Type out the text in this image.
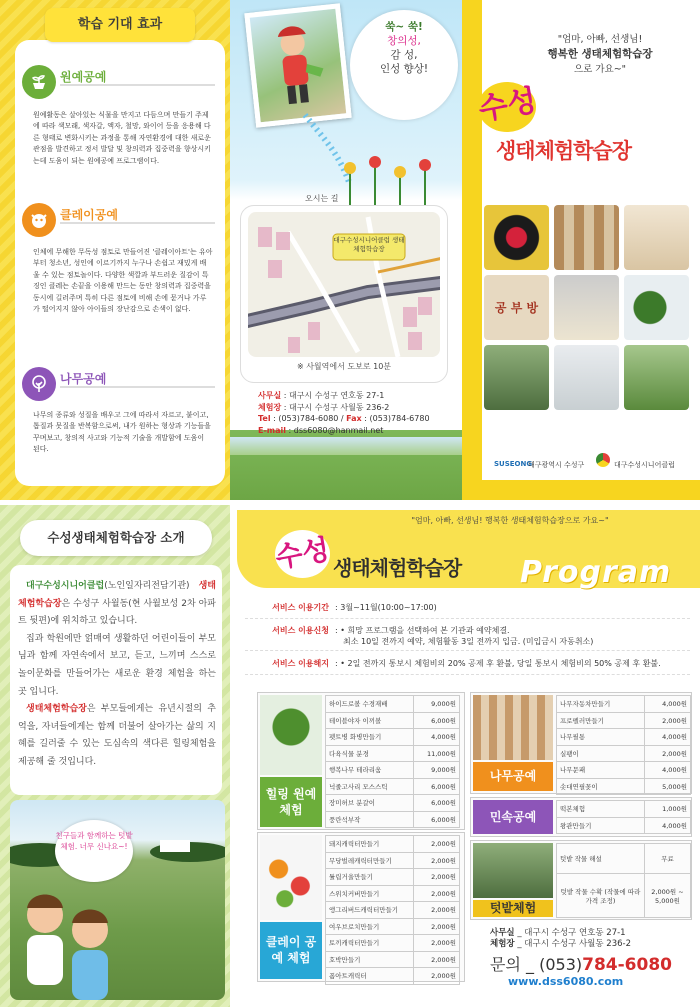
학습 기대 효과
원예공예
원예활동은 살아있는 식물을 만지고 다듬으며 만들기 주제에 따라 색모래, 색자갈, 액자, 철망, 와이어 등을 응용해 다른 형태로 변화시키는 과정을 통해 자연환경에 대한 새로운 관점을 발견하고 정서 발달 및 창의력과 집중력을 향상시키는데 도움이 되는 원예공예 프로그램이다.
클레이공예
인체에 무해한 무독성 점토로 만들어진 '클레이아트'는 유아부터 청소년, 성인에 이르기까지 누구나 손쉽고 재밌게 배울 수 있는 점토놀이다. 다양한 색깔과 부드러운 질감이 특징인 클레는 손끝을 이용해 만드는 동안 창의력과 집중력을 동시에 길러주며 특히 다른 점토에 비해 손에 묻거나 가루가 떨어지지 않아 아이들의 장난감으로 손색이 없다.
나무공예
나무의 종류와 성질을 배우고 그에 따라서 자르고, 붙이고, 톱질과 못질을 반복함으로써, 내가 원하는 형상과 기능들을 꾸며보고, 창의적 사고와 기능적 기술을 개발함에 도움이 된다.
쑥~ 쑥!
창의성,
감 성,
인성 향상!
오시는 길
대구수성시니어클럽 생태체험학습장
※ 사월역에서 도보로 10분
사무실 : 대구시 수성구 연호동 27-1
체험장 : 대구시 수성구 사월동 236-2
Tel : (053)784-6080 / Fax : (053)784-6780
E-mail : dss6080@hanmail.net
"엄마, 아빠, 선생님!
행복한 생태체험학습장
으로 가요~"
수성
생태체험학습장
공 부 방
SUSEONG
대구광역시 수성구	대구수성시니어클럽
수성생태체험학습장 소개

대구수성시니어클럽(노인일자리전담기관) 생태체험학습장은 수성구 사월동(현 사월보성 2차 아파트 뒷편)에 위치하고 있습니다.

집과 학원에만 얽매여 생활하던 어린이들이 부모님과 함께 자연속에서 보고, 듣고, 느끼며 스스로 놀이문화를 만들어가는 새로운 환경 체험을 하는 곳 입니다.

생태체험학습장은 부모들에게는 유년시절의 추억을, 자녀들에게는 함께 더불어 살아가는 삶의 지혜를 길러줄 수 있는 도심속의 색다른 힐링체험을 제공해 줄 것입니다.

친구들과 함께하는 텃밭체험. 너무 신나요~!
"엄마, 아빠, 선생님! 행복한 생태체험학습장으로 가요~"
수성 생태체험학습장 Program
서비스 이용기간 : 3월~11월(10:00~17:00)
서비스 이용신청 : • 희망 프로그램을 선택하여 본 기관과 예약체결.
최소 10일 전까지 예약, 체험활동 3일 전까지 입금. (미입금시 자동취소)
서비스 이용해지 : • 2일 전까지 통보시 체험비의 20% 공제 후 환불, 당일 통보시 체험비의 50% 공제 후 환불.
힐링 원예 체험
하이드로볼 수경재배	9,000원
테이블야자 이끼볼	6,000원
펫트병 화병만들기	4,000원
다육식물 분경	11,000원
행복나무 테라리움	9,000원
넉줄고사리 모스스틱	6,000원
장미허브 분갈이	6,000원
풍란석부작	6,000원
클레이 공예 체험
돼지캐릭터만들기	2,000원
무당벌레캐릭터만들기	2,000원
튤립거울만들기	2,000원
스위치커버만들기	2,000원
앵그리버드캐릭터만들기	2,000원
여우브로치만들기	2,000원
토끼캐릭터만들기	2,000원
호박만들기	2,000원
폼아트캐릭터	2,000원
나무공예
나무자동차만들기	4,000원
프로펠러만들기	2,000원
나무필통	4,000원
실팽이	2,000원
나무문패	4,000원
솟대연필꽂이	5,000원
민속공예
떡본체험	1,000원
왕관만들기	4,000원
텃밭체험
텃밭 작물 해설	무료
텃밭 작물 수확 (작물에 따라 가격 조정)	2,000원 ~ 5,000원
사무실 _ 대구시 수성구 연호동 27-1
체험장 _ 대구시 수성구 사월동 236-2
문의 _ (053)784-6080
www.dss6080.com
